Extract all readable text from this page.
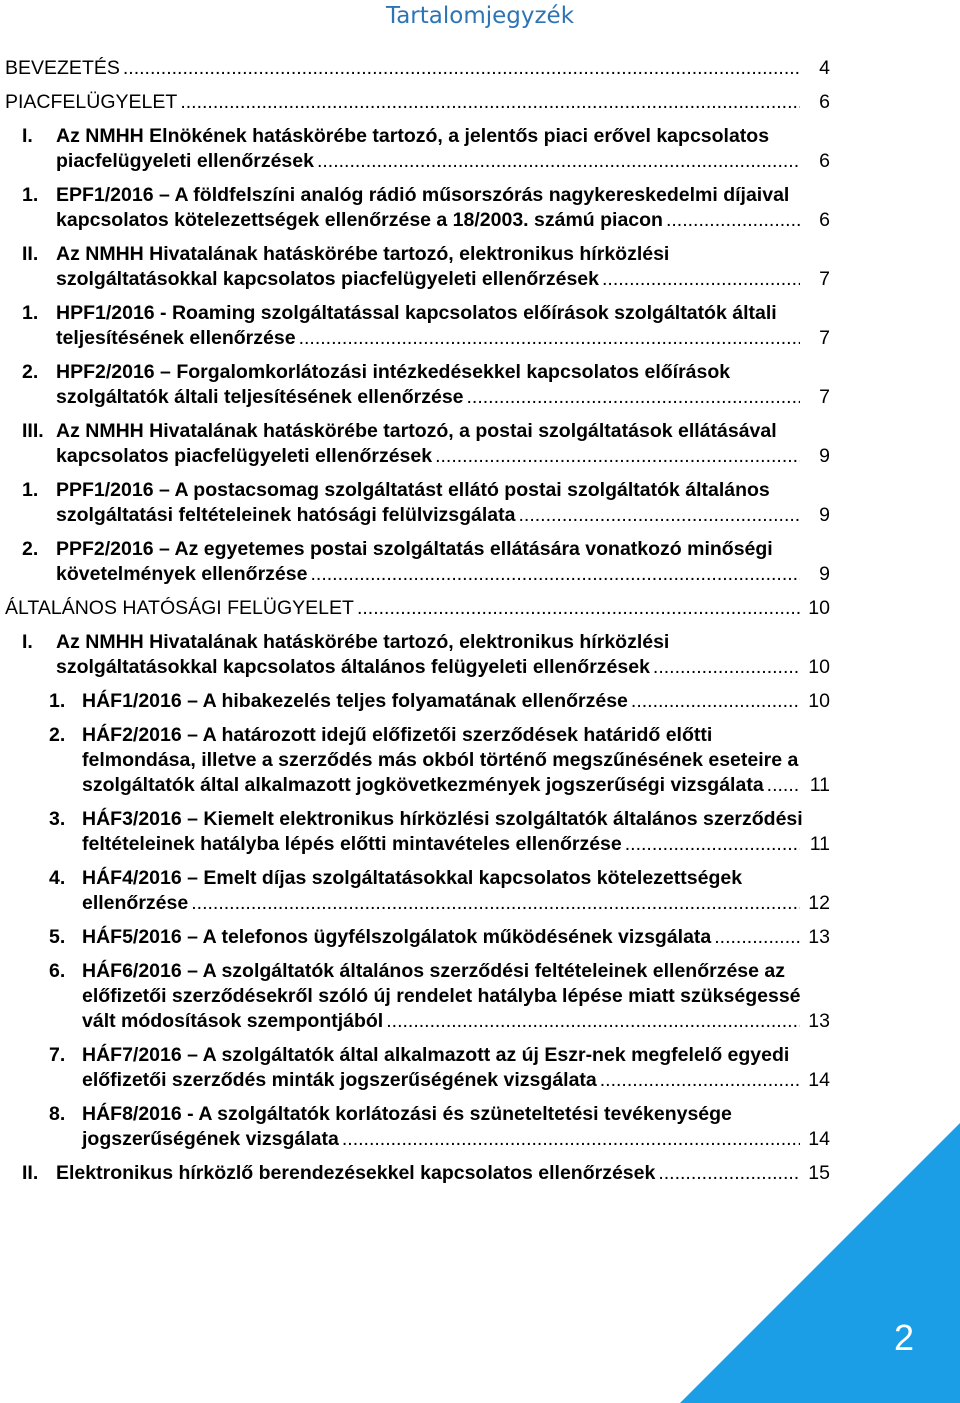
Tartalomjegyzék
BEVEZETÉS .....	4
PIACFELÜGYELET .....	6
I. Az NMHH Elnökének hatáskörébe tartozó, a jelentős piaci erővel kapcsolatos piacfelügyeleti ellenőrzések .....	6
1. EPF1/2016 – A földfelszíni analóg rádió műsorszórás nagykereskedelmi díjaival kapcsolatos kötelezettségek ellenőrzése a 18/2003. számú piacon .....	6
II. Az NMHH Hivatalának hatáskörébe tartozó, elektronikus hírközlési szolgáltatásokkal kapcsolatos piacfelügyeleti ellenőrzések .....	7
1. HPF1/2016 - Roaming szolgáltatással kapcsolatos előírások szolgáltatók általi teljesítésének ellenőrzése .....	7
2. HPF2/2016 – Forgalomkorlátozási intézkedésekkel kapcsolatos előírások szolgáltatók általi teljesítésének ellenőrzése .....	7
III. Az NMHH Hivatalának hatáskörébe tartozó, a postai szolgáltatások ellátásával kapcsolatos piacfelügyeleti ellenőrzések .....	9
1. PPF1/2016 – A postacsomag szolgáltatást ellátó postai szolgáltatók általános szolgáltatási feltételeinek hatósági felülvizsgálata .....	9
2. PPF2/2016 – Az egyetemes postai szolgáltatás ellátására vonatkozó minőségi követelmények ellenőrzése .....	9
ÁLTALÁNOS HATÓSÁGI FELÜGYELET .....	10
I. Az NMHH Hivatalának hatáskörébe tartozó, elektronikus hírközlési szolgáltatásokkal kapcsolatos általános felügyeleti ellenőrzések .....	10
1. HÁF1/2016 – A hibakezelés teljes folyamatának ellenőrzése .....	10
2. HÁF2/2016 – A határozott idejű előfizetői szerződések határidő előtti felmondása, illetve a szerződés más okból történő megszűnésének eseteire a szolgáltatók által alkalmazott jogkövetkezmények jogszerűségi vizsgálata ..... 11
3. HÁF3/2016 – Kiemelt elektronikus hírközlési szolgáltatók általános szerződési feltételeinek hatályba lépés előtti mintavételes ellenőrzése .....	11
4. HÁF4/2016 – Emelt díjas szolgáltatásokkal kapcsolatos kötelezettségek ellenőrzése .....	12
5. HÁF5/2016 – A telefonos ügyfélszolgálatok működésének vizsgálata .....	13
6. HÁF6/2016 – A szolgáltatók általános szerződési feltételeinek ellenőrzése az előfizetői szerződésekről szóló új rendelet hatályba lépése miatt szükségessé vált módosítások szempontjából .....	13
7. HÁF7/2016 – A szolgáltatók által alkalmazott az új Eszr-nek megfelelő egyedi előfizetői szerződés minták jogszerűségének vizsgálata .....	14
8. HÁF8/2016 - A szolgáltatók korlátozási és szüneteltetési tevékenysége jogszerűségének vizsgálata .....	14
II. Elektronikus hírközlő berendezésekkel kapcsolatos ellenőrzések .....	15
2
